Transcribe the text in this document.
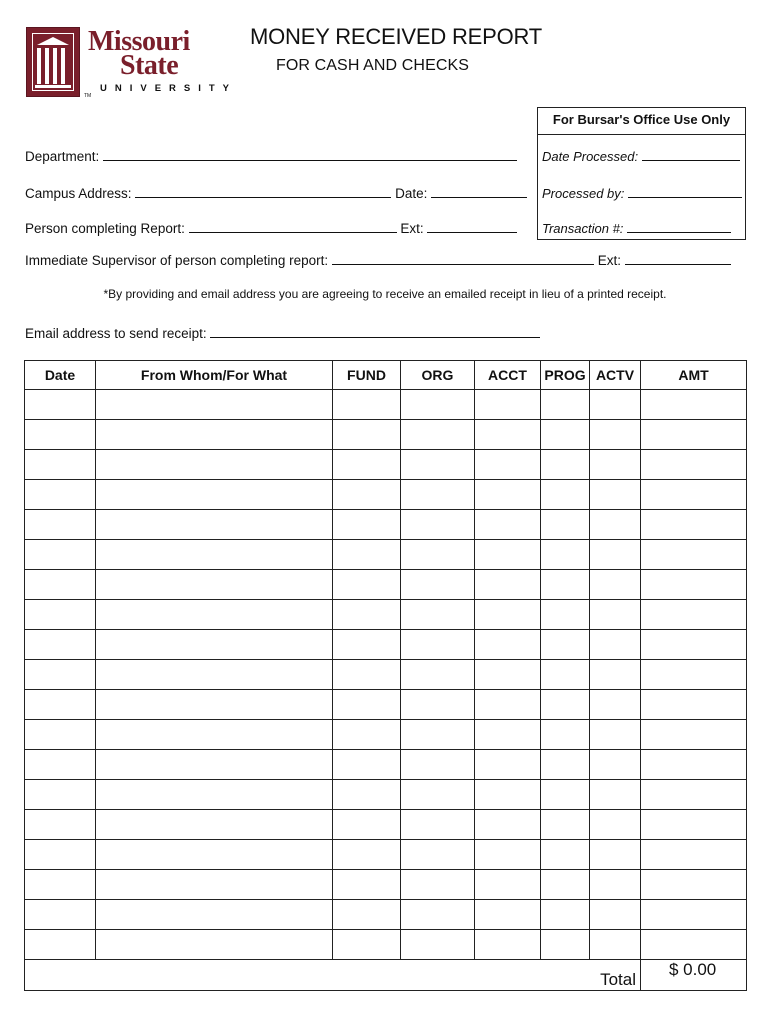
Missouri
State
UNIVERSITY
TM
MONEY RECEIVED REPORT
FOR CASH AND CHECKS
For Bursar's Office Use Only
Date Processed:
Processed by:
Transaction #:
Department:
Campus Address:	Date:
Person completing Report:	Ext:
Immediate Supervisor of person completing report:	Ext:
*By providing and email address you are agreeing to receive an emailed receipt in lieu of a printed receipt.
Email address to send receipt:
Date	From Whom/For What	FUND	ORG	ACCT	PROG	ACTV	AMT

Total							$ 0.00
